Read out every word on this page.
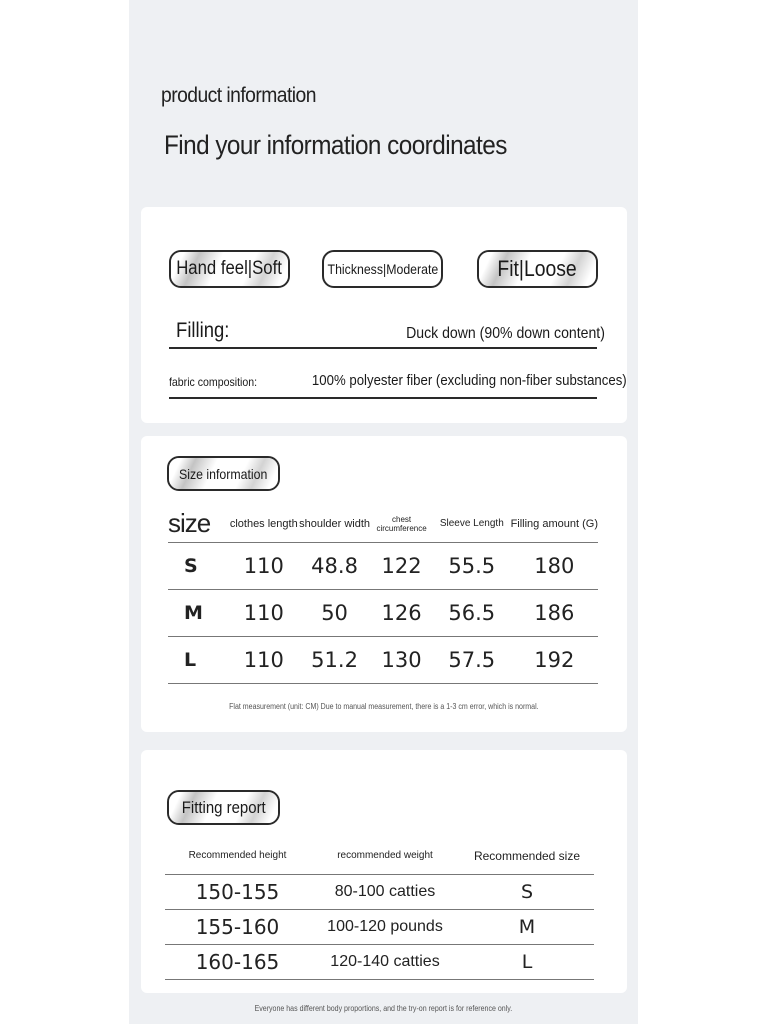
product information
Find your information coordinates
Hand feel|Soft	Thickness|Moderate	Fit|Loose
Filling:	Duck down (90% down content)
fabric composition:	100% polyester fiber (excluding non-fiber substances)
Size information
size	clothes length	shoulder width	chest circumference	Sleeve Length	Filling amount (G)
S	110	48.8	122	55.5	180
M	110	50	126	56.5	186
L	110	51.2	130	57.5	192
Flat measurement (unit: CM) Due to manual measurement, there is a 1-3 cm error, which is normal.
Fitting report
Recommended height	recommended weight	Recommended size
150-155	80-100 catties	S
155-160	100-120 pounds	M
160-165	120-140 catties	L
Everyone has different body proportions, and the try-on report is for reference only.
